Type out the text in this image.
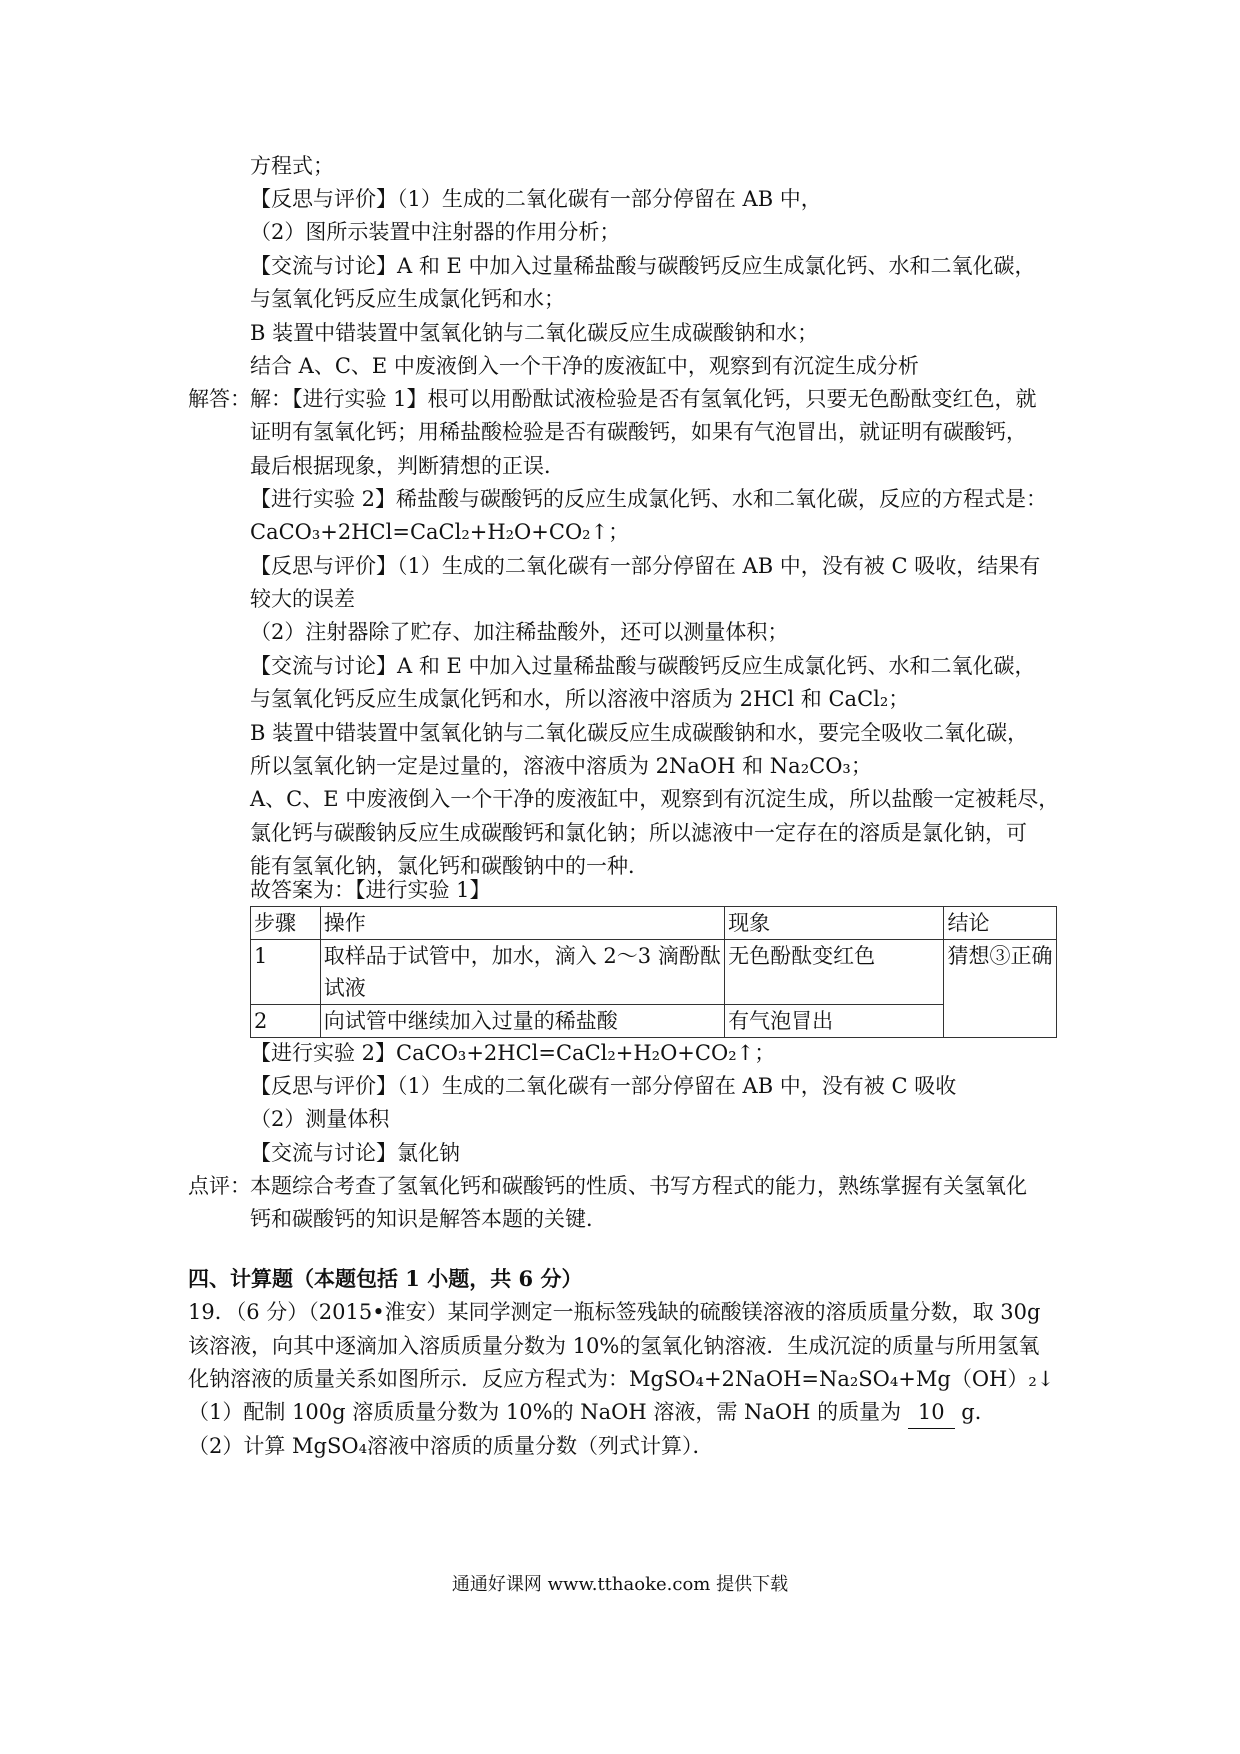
方程式；
【反思与评价】（1）生成的二氧化碳有一部分停留在 AB 中，
（2）图所示装置中注射器的作用分析；
【交流与讨论】A 和 E 中加入过量稀盐酸与碳酸钙反应生成氯化钙、水和二氧化碳，
与氢氧化钙反应生成氯化钙和水；
B 装置中错装置中氢氧化钠与二氧化碳反应生成碳酸钠和水；
结合 A、C、E 中废液倒入一个干净的废液缸中，观察到有沉淀生成分析
解答： 解：【进行实验 1】根可以用酚酞试液检验是否有氢氧化钙，只要无色酚酞变红色，就
证明有氢氧化钙；用稀盐酸检验是否有碳酸钙，如果有气泡冒出，就证明有碳酸钙，
最后根据现象，判断猜想的正误．
【进行实验 2】稀盐酸与碳酸钙的反应生成氯化钙、水和二氧化碳，反应的方程式是：
CaCO₃+2HCl=CaCl₂+H₂O+CO₂↑；
【反思与评价】（1）生成的二氧化碳有一部分停留在 AB 中，没有被 C 吸收，结果有
较大的误差
（2）注射器除了贮存、加注稀盐酸外，还可以测量体积；
【交流与讨论】A 和 E 中加入过量稀盐酸与碳酸钙反应生成氯化钙、水和二氧化碳，
与氢氧化钙反应生成氯化钙和水，所以溶液中溶质为 2HCl 和 CaCl₂；
B 装置中错装置中氢氧化钠与二氧化碳反应生成碳酸钠和水，要完全吸收二氧化碳，
所以氢氧化钠一定是过量的，溶液中溶质为 2NaOH 和 Na₂CO₃；
A、C、E 中废液倒入一个干净的废液缸中，观察到有沉淀生成，所以盐酸一定被耗尽，
氯化钙与碳酸钠反应生成碳酸钙和氯化钠；所以滤液中一定存在的溶质是氯化钠，可
能有氢氧化钠，氯化钙和碳酸钠中的一种．
故答案为：【进行实验 1】
步骤	操作	现象	结论
1	取样品于试管中，加水，滴入 2～3 滴酚酞试液	无色酚酞变红色	猜想③正确
2	向试管中继续加入过量的稀盐酸	有气泡冒出	
【进行实验 2】CaCO₃+2HCl=CaCl₂+H₂O+CO₂↑；
【反思与评价】（1）生成的二氧化碳有一部分停留在 AB 中，没有被 C 吸收
（2）测量体积
【交流与讨论】氯化钠
点评： 本题综合考查了氢氧化钙和碳酸钙的性质、书写方程式的能力，熟练掌握有关氢氧化
钙和碳酸钙的知识是解答本题的关键．
四、计算题（本题包括 1 小题，共 6 分）
19．（6 分）（2015•淮安）某同学测定一瓶标签残缺的硫酸镁溶液的溶质质量分数，取 30g
该溶液，向其中逐滴加入溶质质量分数为 10%的氢氧化钠溶液．生成沉淀的质量与所用氢氧
化钠溶液的质量关系如图所示．反应方程式为：MgSO₄+2NaOH=Na₂SO₄+Mg（OH）₂↓
（1）配制 100g 溶质质量分数为 10%的 NaOH 溶液，需 NaOH 的质量为 10 g．
（2）计算 MgSO₄溶液中溶质的质量分数（列式计算）．
通通好课网 www.tthaoke.com 提供下载
